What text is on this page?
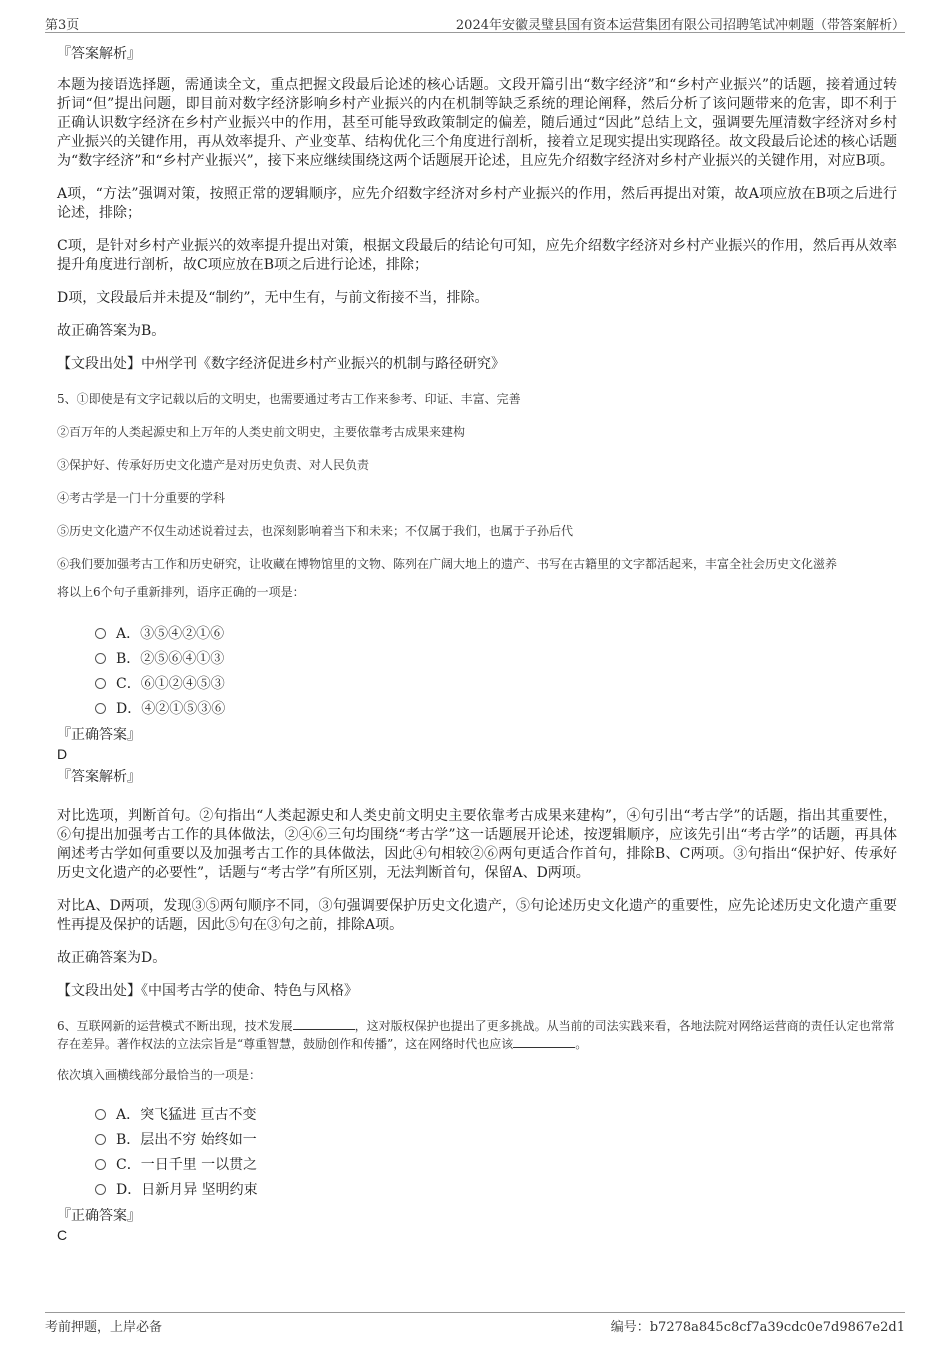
第3页	2024年安徽灵璧县国有资本运营集团有限公司招聘笔试冲刺题（带答案解析）
『答案解析』

本题为接语选择题，需通读全文，重点把握文段最后论述的核心话题。文段开篇引出“数字经济”和“乡村产业振兴”的话题，接着通过转折词“但”提出问题，即目前对数字经济影响乡村产业振兴的内在机制等缺乏系统的理论阐释，然后分析了该问题带来的危害，即不利于正确认识数字经济在乡村产业振兴中的作用，甚至可能导致政策制定的偏差，随后通过“因此”总结上文，强调要先厘清数字经济对乡村产业振兴的关键作用，再从效率提升、产业变革、结构优化三个角度进行剖析，接着立足现实提出实现路径。故文段最后论述的核心话题为“数字经济”和“乡村产业振兴”，接下来应继续围绕这两个话题展开论述，且应先介绍数字经济对乡村产业振兴的关键作用，对应B项。

A项，“方法”强调对策，按照正常的逻辑顺序，应先介绍数字经济对乡村产业振兴的作用，然后再提出对策，故A项应放在B项之后进行论述，排除；

C项，是针对乡村产业振兴的效率提升提出对策，根据文段最后的结论句可知，应先介绍数字经济对乡村产业振兴的作用，然后再从效率提升角度进行剖析，故C项应放在B项之后进行论述，排除；

D项，文段最后并未提及“制约”，无中生有，与前文衔接不当，排除。

故正确答案为B。

【文段出处】中州学刊《数字经济促进乡村产业振兴的机制与路径研究》

5、①即使是有文字记载以后的文明史，也需要通过考古工作来参考、印证、丰富、完善

②百万年的人类起源史和上万年的人类史前文明史，主要依靠考古成果来建构

③保护好、传承好历史文化遗产是对历史负责、对人民负责

④考古学是一门十分重要的学科

⑤历史文化遗产不仅生动述说着过去，也深刻影响着当下和未来；不仅属于我们，也属于子孙后代

⑥我们要加强考古工作和历史研究，让收藏在博物馆里的文物、陈列在广阔大地上的遗产、书写在古籍里的文字都活起来，丰富全社会历史文化滋养

将以上6个句子重新排列，语序正确的一项是：

A．③⑤④②①⑥
B．②⑤⑥④①③
C．⑥①②④⑤③
D．④②①⑤③⑥
『正确答案』

D

『答案解析』

对比选项，判断首句。②句指出“人类起源史和人类史前文明史主要依靠考古成果来建构”，④句引出“考古学”的话题，指出其重要性，⑥句提出加强考古工作的具体做法，②④⑥三句均围绕“考古学”这一话题展开论述，按逻辑顺序，应该先引出“考古学”的话题，再具体阐述考古学如何重要以及加强考古工作的具体做法，因此④句相较②⑥两句更适合作首句，排除B、C两项。③句指出“保护好、传承好历史文化遗产的必要性”，话题与“考古学”有所区别，无法判断首句，保留A、D两项。

对比A、D两项，发现③⑤两句顺序不同，③句强调要保护历史文化遗产，⑤句论述历史文化遗产的重要性，应先论述历史文化遗产重要性再提及保护的话题，因此⑤句在③句之前，排除A项。

故正确答案为D。

【文段出处】《中国考古学的使命、特色与风格》

6、互联网新的运营模式不断出现，技术发展	，这对版权保护也提出了更多挑战。从当前的司法实践来看，各地法院对网络运营商的责任认定也常常存在差异。著作权法的立法宗旨是“尊重智慧，鼓励创作和传播”，这在网络时代也应该	。

依次填入画横线部分最恰当的一项是：

A．突飞猛进 亘古不变
B．层出不穷 始终如一
C．一日千里 一以贯之
D．日新月异 坚明约束
『正确答案』

C

考前押题，上岸必备	编号：b7278a845c8cf7a39cdc0e7d9867e2d1
